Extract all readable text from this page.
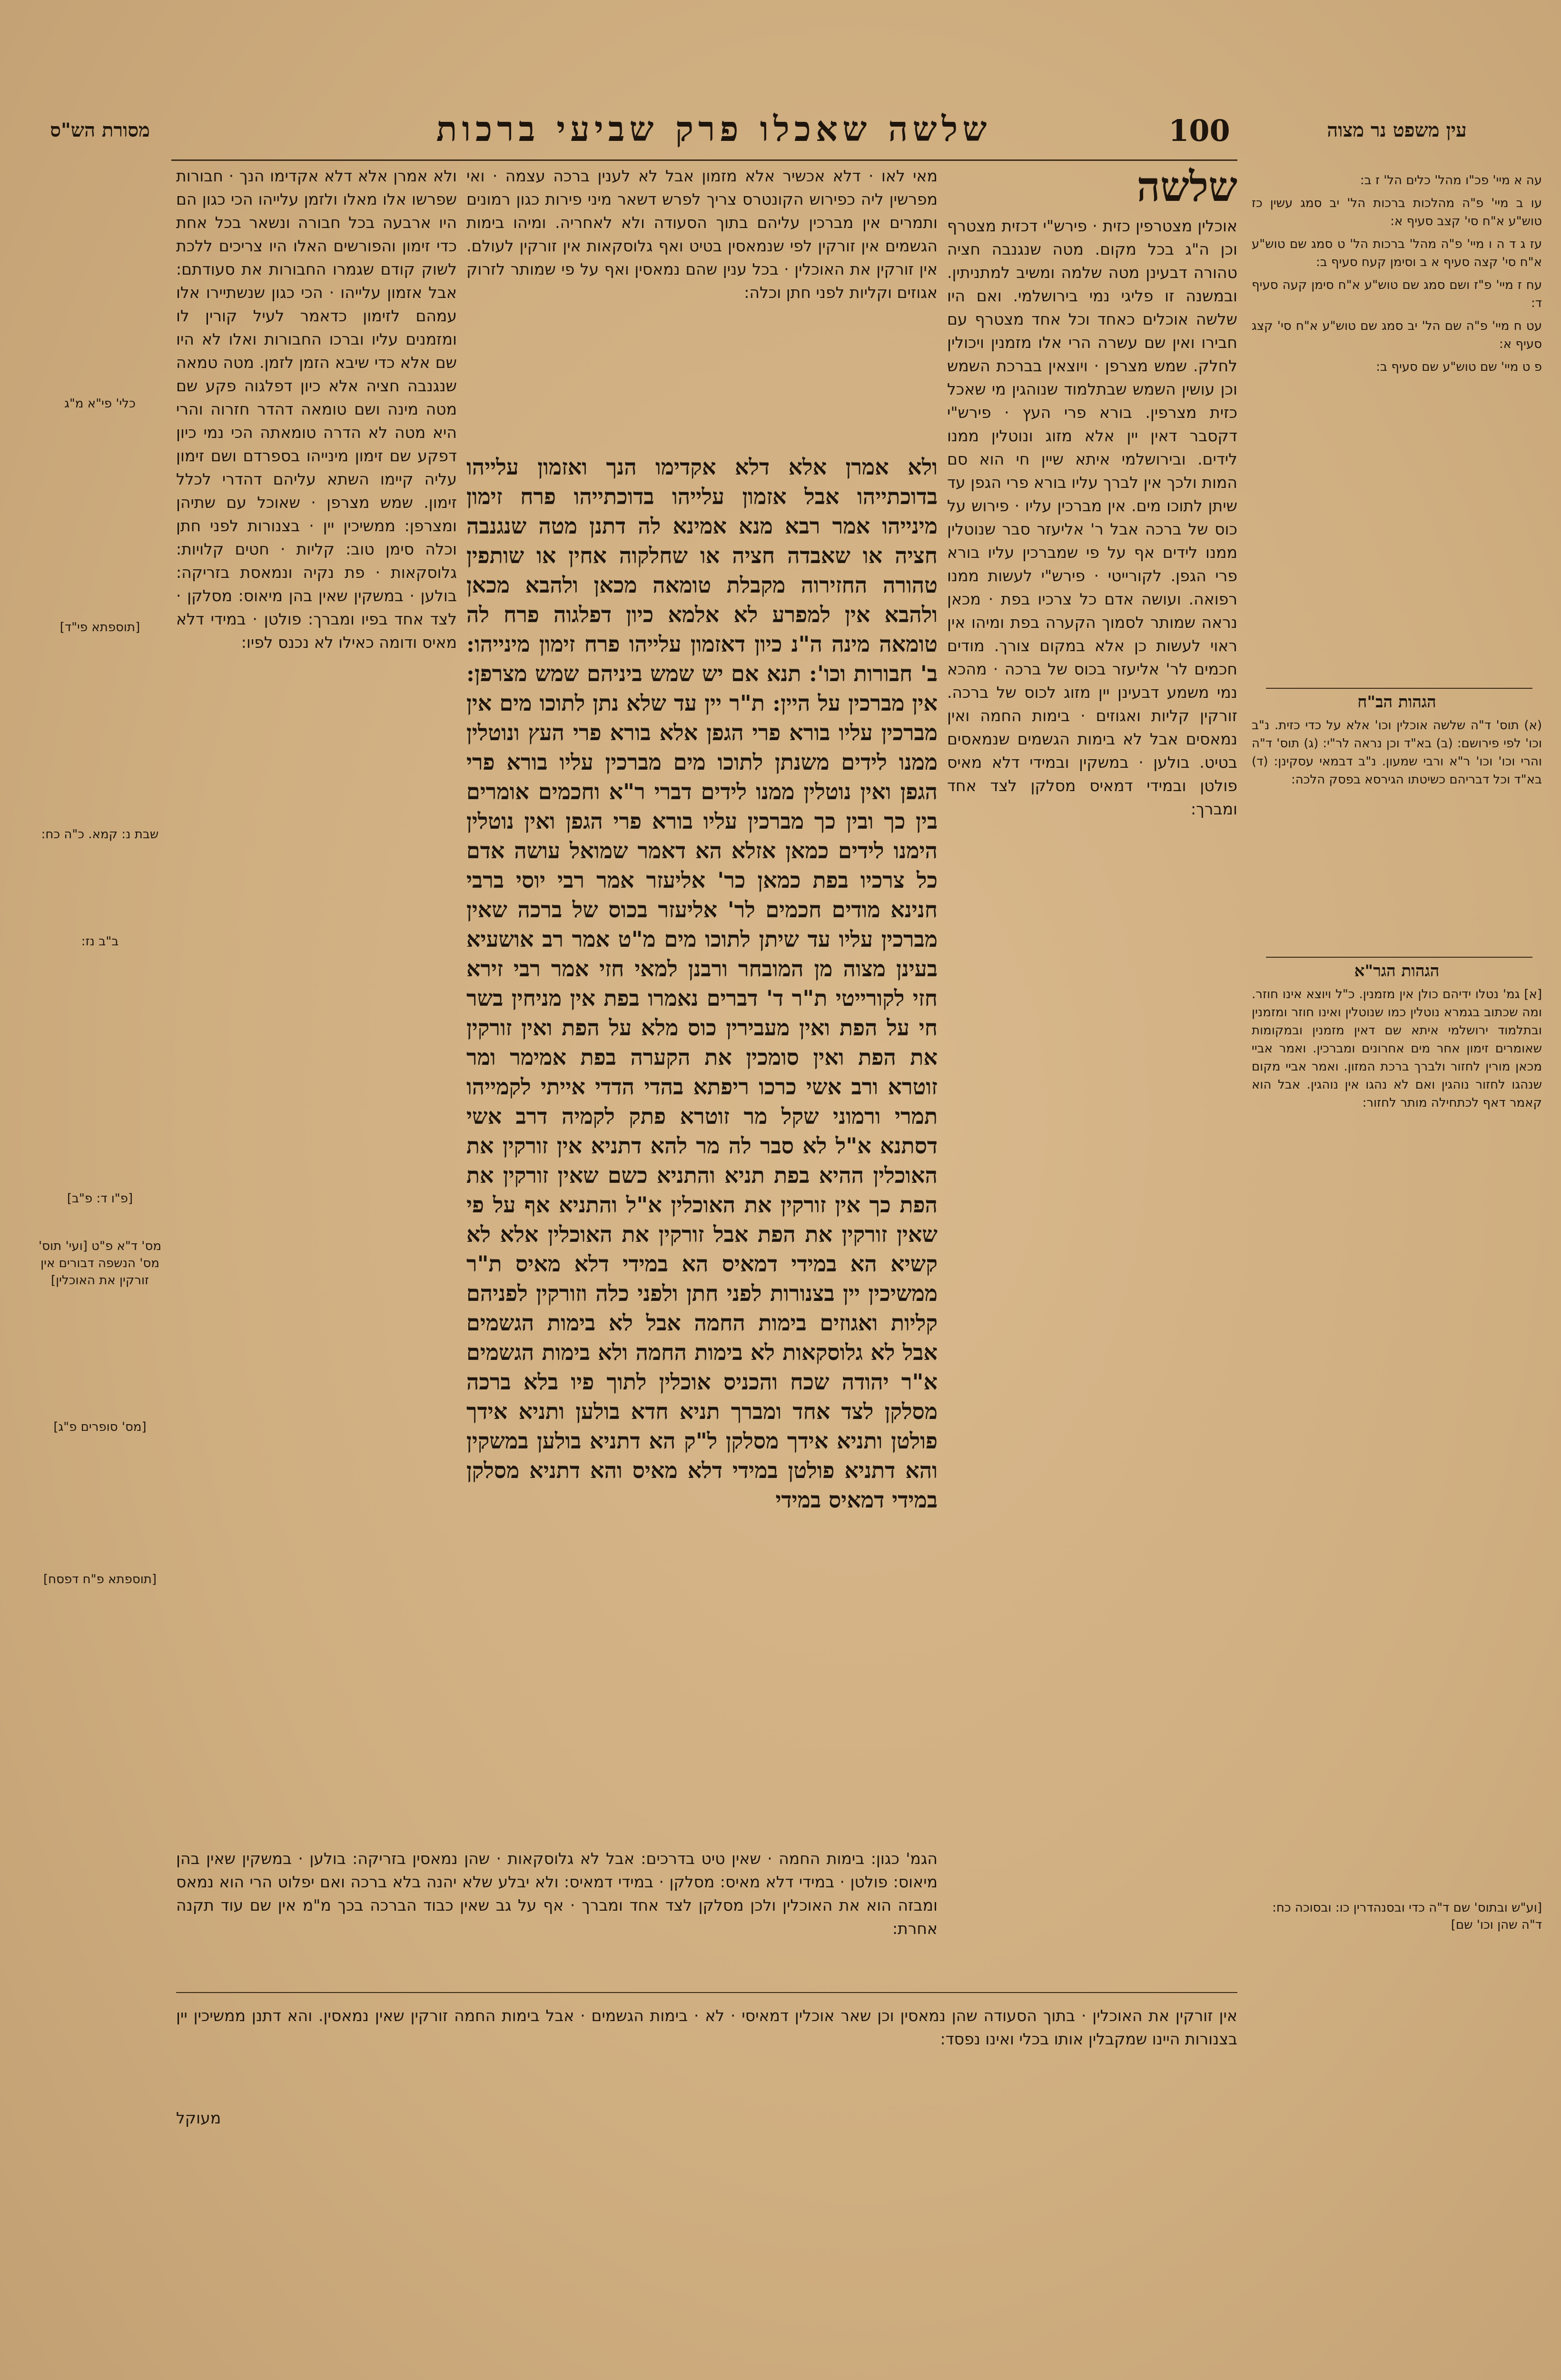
עין משפט נר מצוה
100
שלשה שאכלו פרק שביעי ברכות
מסורת הש"ס

עה א מיי' פכ"ו מהל' כלים הל' ז ב:

עו ב מיי' פ"ה מהלכות ברכות הל' יב סמג עשין כז טוש"ע א"ח סי' קצב סעיף א:

עז ג ד ה ו מיי' פ"ה מהל' ברכות הל' ט סמג שם טוש"ע א"ח סי' קצה סעיף א ב וסימן קעח סעיף ב:

עח ז מיי' פ"ז ושם סמג שם טוש"ע א"ח סימן קעה סעיף ד:

עט ח מיי' פ"ה שם הל' יב סמג שם טוש"ע א"ח סי' קצג סעיף א:

פ ט מיי' שם טוש"ע שם סעיף ב:

הגהות הב"ח
(א) תוס' ד"ה שלשה אוכלין וכו' אלא על כדי כזית. נ"ב וכו' לפי פירושם: (ב) בא"ד וכן נראה לר"י: (ג) תוס' ד"ה והרי וכו' וכו' ר"א ורבי שמעון. נ"ב דבמאי עסקינן: (ד) בא"ד וכל דבריהם כשיטתו הגירסא בפסק הלכה:
הגהות הגר"א
[א] גמ' נטלו ידיהם כולן אין מזמנין. כ"ל ויוצא אינו חוזר. ומה שכתוב בגמרא נוטלין כמו שנוטלין ואינו חוזר ומזמנין ובתלמוד ירושלמי איתא שם דאין מזמנין ובמקומות שאומרים זימון אחר מים אחרונים ומברכין. ואמר אביי מכאן מורין לחזור ולברך ברכת המזון. ואמר אביי מקום שנהגו לחזור נוהגין ואם לא נהגו אין נוהגין. אבל הוא קאמר דאף לכתחילה מותר לחזור:
שלשה
אוכלין מצטרפין כזית · פירש"י דכזית מצטרף וכן ה"ג בכל מקום. מטה שנגנבה חציה טהורה דבעינן מטה שלמה ומשיב למתניתין. ובמשנה זו פליגי נמי בירושלמי. ואם היו שלשה אוכלים כאחד וכל אחד מצטרף עם חבירו ואין שם עשרה הרי אלו מזמנין ויכולין לחלק. שמש מצרפן · ויוצאין בברכת השמש וכן עושין השמש שבתלמוד שנוהגין מי שאכל כזית מצרפין. בורא פרי העץ · פירש"י דקסבר דאין יין אלא מזוג ונוטלין ממנו לידים. ובירושלמי איתא שיין חי הוא סם המות ולכך אין לברך עליו בורא פרי הגפן עד שיתן לתוכו מים. אין מברכין עליו · פירוש על כוס של ברכה אבל ר' אליעזר סבר שנוטלין ממנו לידים אף על פי שמברכין עליו בורא פרי הגפן. לקורייטי · פירש"י לעשות ממנו רפואה. ועושה אדם כל צרכיו בפת · מכאן נראה שמותר לסמוך הקערה בפת ומיהו אין ראוי לעשות כן אלא במקום צורך. מודים חכמים לר' אליעזר בכוס של ברכה · מהכא נמי משמע דבעינן יין מזוג לכוס של ברכה. זורקין קליות ואגוזים · בימות החמה ואין נמאסים אבל לא בימות הגשמים שנמאסים בטיט. בולען · במשקין ובמידי דלא מאיס פולטן ובמידי דמאיס מסלקן לצד אחד ומברך:
ולא אמרן אלא דלא אקדימו הנך ואזמון עלייהו בדוכתייהו אבל אזמון עלייהו בדוכתייהו פרח זימון מינייהו אמר רבא מנא אמינא לה דתנן מטה שנגנבה חציה או שאבדה חציה או שחלקוה אחין או שותפין טהורה החזירוה מקבלת טומאה מכאן ולהבא מכאן ולהבא אין למפרע לא אלמא כיון דפלגוה פרח לה טומאה מינה ה"נ כיון דאזמון עלייהו פרח זימון מינייהו: ב' חבורות וכו': תנא אם יש שמש ביניהם שמש מצרפן: אין מברכין על היין: ת"ר יין עד שלא נתן לתוכו מים אין מברכין עליו בורא פרי הגפן אלא בורא פרי העץ ונוטלין ממנו לידים משנתן לתוכו מים מברכין עליו בורא פרי הגפן ואין נוטלין ממנו לידים דברי ר"א וחכמים אומרים בין כך ובין כך מברכין עליו בורא פרי הגפן ואין נוטלין הימנו לידים כמאן אזלא הא דאמר שמואל עושה אדם כל צרכיו בפת כמאן כר' אליעזר אמר רבי יוסי ברבי חנינא מודים חכמים לר' אליעזר בכוס של ברכה שאין מברכין עליו עד שיתן לתוכו מים מ"ט אמר רב אושעיא בעינן מצוה מן המובחר ורבנן למאי חזי אמר רבי זירא חזי לקורייטי ת"ר ד' דברים נאמרו בפת אין מניחין בשר חי על הפת ואין מעבירין כוס מלא על הפת ואין זורקין את הפת ואין סומכין את הקערה בפת אמימר ומר זוטרא ורב אשי כרכו ריפתא בהדי הדדי אייתי לקמייהו תמרי ורמוני שקל מר זוטרא פתק לקמיה דרב אשי דסתנא א"ל לא סבר לה מר להא דתניא אין זורקין את האוכלין ההיא בפת תניא והתניא כשם שאין זורקין את הפת כך אין זורקין את האוכלין א"ל והתניא אף על פי שאין זורקין את הפת אבל זורקין את האוכלין אלא לא קשיא הא במידי דמאיס הא במידי דלא מאיס ת"ר ממשיכין יין בצנורות לפני חתן ולפני כלה וזורקין לפניהם קליות ואגוזים בימות החמה אבל לא בימות הגשמים אבל לא גלוסקאות לא בימות החמה ולא בימות הגשמים א"ר יהודה שכח והכניס אוכלין לתוך פיו בלא ברכה מסלקן לצד אחד ומברך תניא חדא בולען ותניא אידך פולטן ותניא אידך מסלקן ל"ק הא דתניא בולען במשקין והא דתניא פולטן במידי דלא מאיס והא דתניא מסלקן במידי דמאיס במידי
ולא אמרן אלא דלא אקדימו הנך · חבורות שפרשו אלו מאלו ולזמן עלייהו הכי כגון הם היו ארבעה בכל חבורה ונשאר בכל אחת כדי זימון והפורשים האלו היו צריכים ללכת לשוק קודם שגמרו החבורות את סעודתם: אבל אזמון עלייהו · הכי כגון שנשתיירו אלו עמהם לזימון כדאמר לעיל קורין לו ומזמנים עליו וברכו החבורות ואלו לא היו שם אלא כדי שיבא הזמן לזמן. מטה טמאה שנגנבה חציה אלא כיון דפלגוה פקע שם מטה מינה ושם טומאה דהדר חזרוה והרי היא מטה לא הדרה טומאתה הכי נמי כיון דפקע שם זימון מינייהו בספרדם ושם זימון עליה קיימו השתא עליהם דהדרי לכלל זימון. שמש מצרפן · שאוכל עם שתיהן ומצרפן: ממשיכין יין · בצנורות לפני חתן וכלה סימן טוב: קליות · חטים קלויות: גלוסקאות · פת נקיה ונמאסת בזריקה: בולען · במשקין שאין בהן מיאוס: מסלקן · לצד אחד בפיו ומברך: פולטן · במידי דלא מאיס ודומה כאילו לא נכנס לפיו:
מאי לאו · דלא אכשיר אלא מזמון אבל לא לענין ברכה עצמה · ואי מפרשין ליה כפירוש הקונטרס צריך לפרש דשאר מיני פירות כגון רמונים ותמרים אין מברכין עליהם בתוך הסעודה ולא לאחריה. ומיהו בימות הגשמים אין זורקין לפי שנמאסין בטיט ואף גלוסקאות אין זורקין לעולם. אין זורקין את האוכלין · בכל ענין שהם נמאסין ואף על פי שמותר לזרוק אגוזים וקליות לפני חתן וכלה:
כלי' פי"א מ"ג
[תוספתא פי"ד]
שבת נ: קמא. כ"ה כח:
ב"ב נז:
[פ"ו ד: פ"ב]
מס' ד"א פ"ט [ועי' תוס' מס' הנשפה דבורים אין זורקין את האוכלין]
[מס' סופרים פ"ג]
[תוספתא פ"ח דפסח]
[וע"ש ובתוס' שם ד"ה כדי ובסנהדרין כו: ובסוכה כח: ד"ה שהן וכו' שם]
הגמ' כגון: בימות החמה · שאין טיט בדרכים: אבל לא גלוסקאות · שהן נמאסין בזריקה: בולען · במשקין שאין בהן מיאוס: פולטן · במידי דלא מאיס: מסלקן · במידי דמאיס: ולא יבלע שלא יהנה בלא ברכה ואם יפלוט הרי הוא נמאס ומבזה הוא את האוכלין ולכן מסלקן לצד אחד ומברך · אף על גב שאין כבוד הברכה בכך מ"מ אין שם עוד תקנה אחרת:
אין זורקין את האוכלין · בתוך הסעודה שהן נמאסין וכן שאר אוכלין דמאיסי · לא · בימות הגשמים · אבל בימות החמה זורקין שאין נמאסין. והא דתנן ממשיכין יין בצנורות היינו שמקבלין אותו בכלי ואינו נפסד:
מעוקל
